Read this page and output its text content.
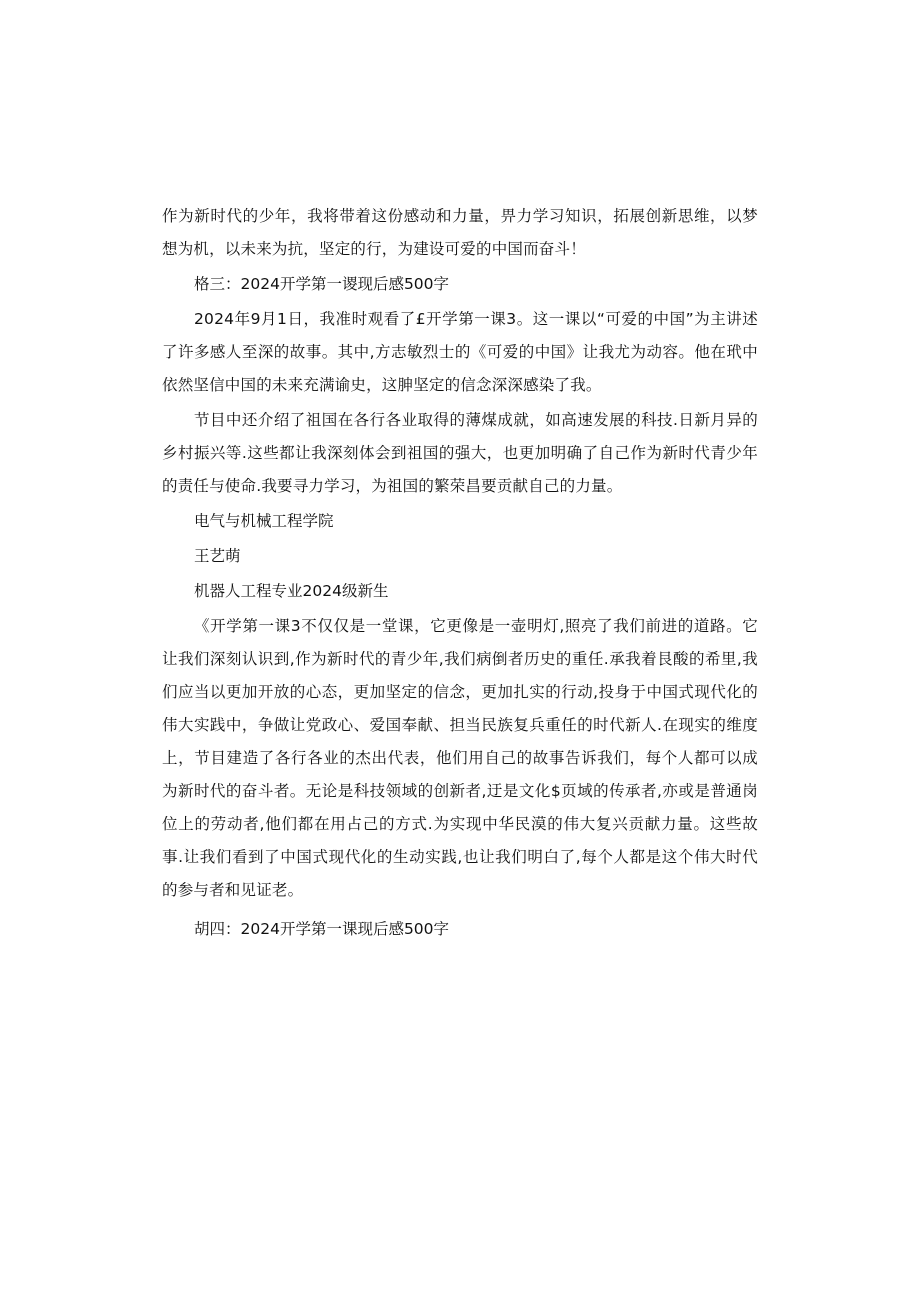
作为新时代的少年，我将带着这份感动和力量，畀力学习知识，拓展创新思维，以梦想为机，以未来为抗，坚定的行，为建设可爱的中国而奋斗！

格三：2024开学第一谡现后感500字

2024年9月1日，我准时观看了£开学第一课3。这一课以“可爱的中国”为主讲述了许多感人至深的故事。其中,方志敏烈士的《可爱的中国》让我尤为动容。他在玳中依然坚信中国的未来充满谕史，这胂坚定的信念深深感染了我。

节目中还介绍了祖国在各行各业取得的薄煤成就，如高速发展的科技.日新月异的乡村振兴等.这些都让我深刻体会到祖国的强大，也更加明确了自己作为新时代青少年的责任与使命.我要寻力学习，为祖国的繁荣昌要贡献自己的力量。

电气与机械工程学院

王艺萌

机器人工程专业2024级新生

《开学第一课3不仅仅是一堂课，它更像是一壶明灯,照亮了我们前进的道路。它让我们深刻认识到,作为新时代的青少年,我们病倒者历史的重任.承我着艮酸的希里,我们应当以更加开放的心态，更加坚定的信念，更加扎实的行动,投身于中国式现代化的伟大实践中，争做让党政心、爱国奉献、担当民族复兵重任的时代新人.在现实的维度上，节目建造了各行各业的杰出代表，他们用自己的故事告诉我们，每个人都可以成为新时代的奋斗者。无论是科技领域的创新者,迂是文化$页域的传承者,亦或是普通岗位上的劳动者,他们都在用占己的方式.为实现中华民漠的伟大复兴贡献力量。这些故事.让我们看到了中国式现代化的生动实践,也让我们明白了,每个人都是这个伟大时代的参与者和见证老。

胡四：2024开学第一课现后感500字
